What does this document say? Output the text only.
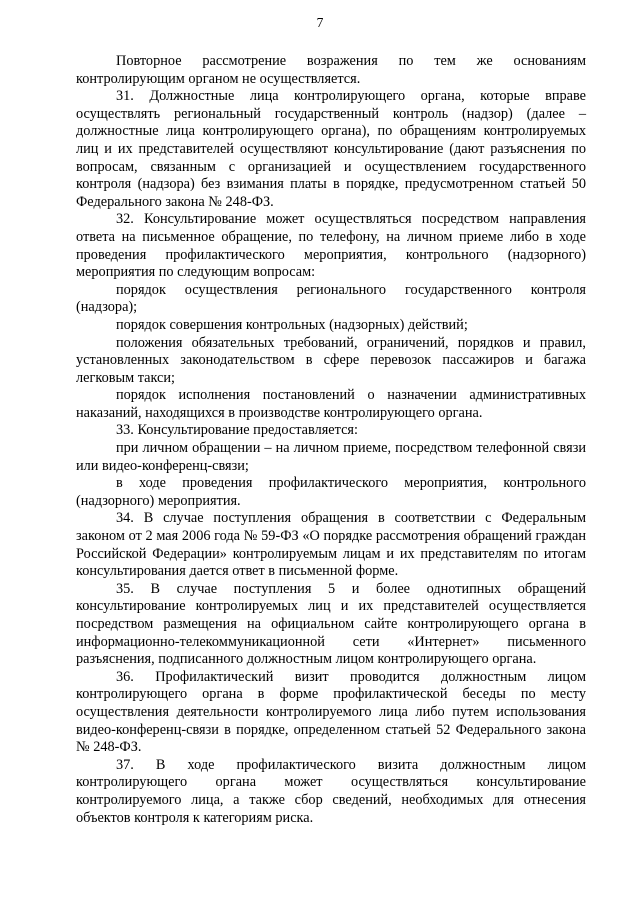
7

Повторное рассмотрение возражения по тем же основаниям контролирующим органом не осуществляется.

31. Должностные лица контролирующего органа, которые вправе осуществлять региональный государственный контроль (надзор) (далее – должностные лица контролирующего органа), по обращениям контролируемых лиц и их представителей осуществляют консультирование (дают разъяснения по вопросам, связанным с организацией и осуществлением государственного контроля (надзора) без взимания платы в порядке, предусмотренном статьей 50 Федерального закона № 248-ФЗ.

32. Консультирование может осуществляться посредством направления ответа на письменное обращение, по телефону, на личном приеме либо в ходе проведения профилактического мероприятия, контрольного (надзорного) мероприятия по следующим вопросам:

порядок осуществления регионального государственного контроля (надзора);

порядок совершения контрольных (надзорных) действий;

положения обязательных требований, ограничений, порядков и правил, установленных законодательством в сфере перевозок пассажиров и багажа легковым такси;

порядок исполнения постановлений о назначении административных наказаний, находящихся в производстве контролирующего органа.

33. Консультирование предоставляется:

при личном обращении – на личном приеме, посредством телефонной связи или видео-конференц-связи;

в ходе проведения профилактического мероприятия, контрольного (надзорного) мероприятия.

34. В случае поступления обращения в соответствии с Федеральным законом от 2 мая 2006 года № 59-ФЗ «О порядке рассмотрения обращений граждан Российской Федерации» контролируемым лицам и их представителям по итогам консультирования дается ответ в письменной форме.

35. В случае поступления 5 и более однотипных обращений консультирование контролируемых лиц и их представителей осуществляется посредством размещения на официальном сайте контролирующего органа в информационно-телекоммуникационной сети «Интернет» письменного разъяснения, подписанного должностным лицом контролирующего органа.

36. Профилактический визит проводится должностным лицом контролирующего органа в форме профилактической беседы по месту осуществления деятельности контролируемого лица либо путем использования видео-конференц-связи в порядке, определенном статьей 52 Федерального закона № 248-ФЗ.

37. В ходе профилактического визита должностным лицом контролирующего органа может осуществляться консультирование контролируемого лица, а также сбор сведений, необходимых для отнесения объектов контроля к категориям риска.
